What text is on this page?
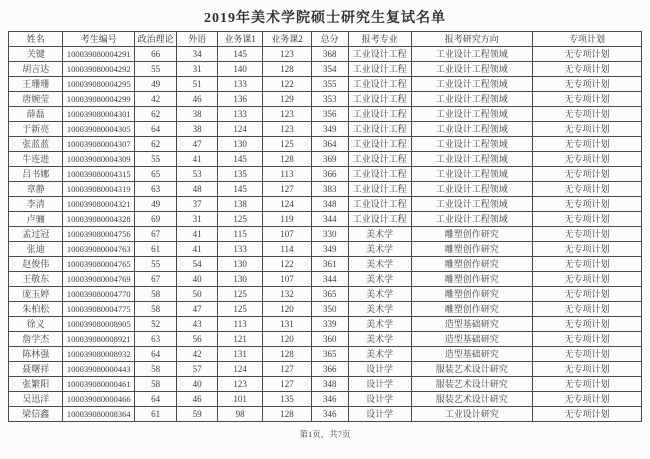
2019年美术学院硕士研究生复试名单
姓名	考生编号	政治理论	外语	业务课1	业务课2	总分	报考专业	报考研究方向	专项计划
关键	100039080004291	66	34	145	123	368	工业设计工程	工业设计工程领域	无专项计划
胡言达	100039080004292	55	31	140	128	354	工业设计工程	工业设计工程领域	无专项计划
王珊珊	100039080004295	49	51	133	122	355	工业设计工程	工业设计工程领域	无专项计划
唐婉莹	100039080004299	42	46	136	129	353	工业设计工程	工业设计工程领域	无专项计划
薛磊	100039080004301	62	38	133	123	356	工业设计工程	工业设计工程领域	无专项计划
于新亮	100039080004305	64	38	124	123	349	工业设计工程	工业设计工程领域	无专项计划
张蓝蓝	100039080004307	62	47	130	125	364	工业设计工程	工业设计工程领域	无专项计划
牛连进	100039080004309	55	41	145	128	369	工业设计工程	工业设计工程领域	无专项计划
吕书娜	100039080004315	65	53	135	113	366	工业设计工程	工业设计工程领域	无专项计划
章静	100039080004319	63	48	145	127	383	工业设计工程	工业设计工程领域	无专项计划
李清	100039080004321	49	37	138	124	348	工业设计工程	工业设计工程领域	无专项计划
卢骊	100039080004328	69	31	125	119	344	工业设计工程	工业设计工程领域	无专项计划
孟过冠	100039080004756	67	41	115	107	330	美术学	雕塑创作研究	无专项计划
张迪	100039080004763	61	41	133	114	349	美术学	雕塑创作研究	无专项计划
赵俊伟	100039080004765	55	54	130	122	361	美术学	雕塑创作研究	无专项计划
王敬东	100039080004769	67	40	130	107	344	美术学	雕塑创作研究	无专项计划
庞玉婷	100039080004770	58	50	125	132	365	美术学	雕塑创作研究	无专项计划
朱柏松	100039080004775	58	47	125	120	350	美术学	雕塑创作研究	无专项计划
徐义	100039080008905	52	43	113	131	339	美术学	造型基础研究	无专项计划
詹学杰	100039080008921	63	56	121	120	360	美术学	造型基础研究	无专项计划
陈林强	100039080008932	64	42	131	128	365	美术学	造型基础研究	无专项计划
聂曙祥	100039080000443	58	57	124	127	366	设计学	服装艺术设计研究	无专项计划
张繁阳	100039080000461	58	40	123	127	348	设计学	服装艺术设计研究	无专项计划
吴迅洋	100039080000466	64	46	101	135	346	设计学	服装艺术设计研究	无专项计划
梁信鑫	100039080008364	61	59	98	128	346	设计学	工业设计研究	无专项计划
第1页，共7页
